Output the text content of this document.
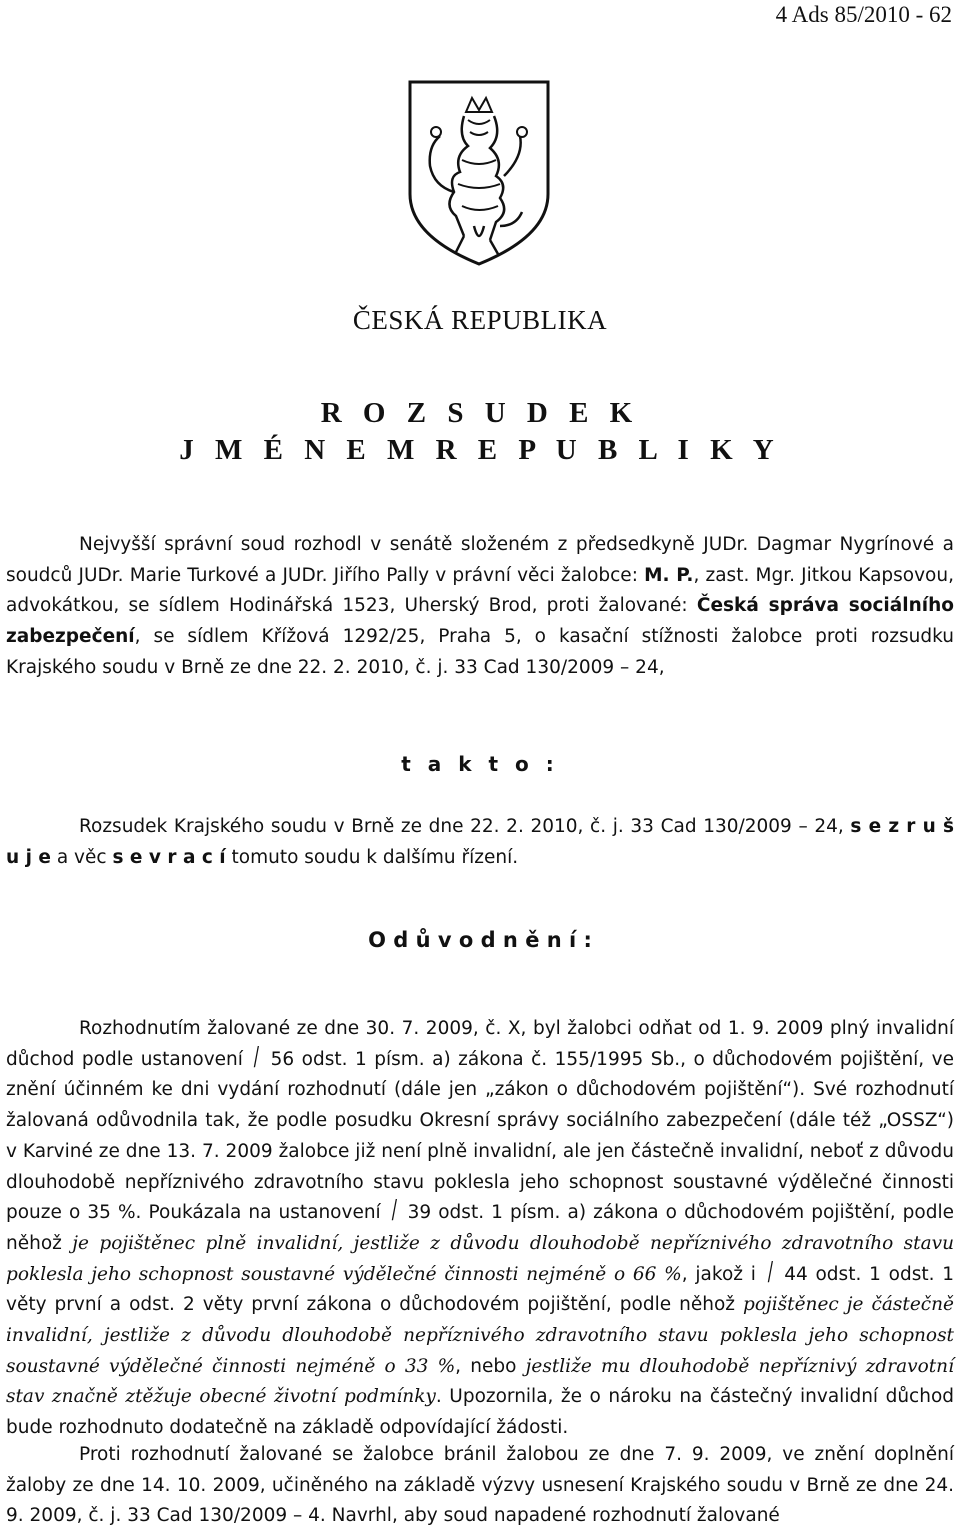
4 Ads 85/2010 - 62
ČESKÁ REPUBLIKA
R O Z S U D E K
J M É N E M R E P U B L I K Y
Nejvyšší správní soud rozhodl v senátě složeném z předsedkyně JUDr. Dagmar Nygrínové a soudců JUDr. Marie Turkové a JUDr. Jiřího Pally v právní věci žalobce: M. P., zast. Mgr. Jitkou Kapsovou, advokátkou, se sídlem Hodinářská 1523, Uherský Brod, proti žalované: Česká správa sociálního zabezpečení, se sídlem Křížová 1292/25, Praha 5, o kasační stížnosti žalobce proti rozsudku Krajského soudu v Brně ze dne 22. 2. 2010, č. j. 33 Cad 130/2009 – 24,
t a k t o :
Rozsudek Krajského soudu v Brně ze dne 22. 2. 2010, č. j. 33 Cad 130/2009 – 24, s e z r u š u j e a věc s e v r a c í tomuto soudu k dalšímu řízení.
O d ů v o d n ě n í :
Rozhodnutím žalované ze dne 30. 7. 2009, č. X, byl žalobci odňat od 1. 9. 2009 plný invalidní důchod podle ustanovení / 56 odst. 1 písm. a) zákona č. 155/1995 Sb., o důchodovém pojištění, ve znění účinném ke dni vydání rozhodnutí (dále jen „zákon o důchodovém pojištění“). Své rozhodnutí žalovaná odůvodnila tak, že podle posudku Okresní správy sociálního zabezpečení (dále též „OSSZ“) v Karviné ze dne 13. 7. 2009 žalobce již není plně invalidní, ale jen částečně invalidní, neboť z důvodu dlouhodobě nepříznivého zdravotního stavu poklesla jeho schopnost soustavné výdělečné činnosti pouze o 35 %. Poukázala na ustanovení / 39 odst. 1 písm. a) zákona o důchodovém pojištění, podle něhož je pojištěnec plně invalidní, jestliže z důvodu dlouhodobě nepříznivého zdravotního stavu poklesla jeho schopnost soustavné výdělečné činnosti nejméně o 66 %, jakož i / 44 odst. 1 odst. 1 věty první a odst. 2 věty první zákona o důchodovém pojištění, podle něhož pojištěnec je částečně invalidní, jestliže z důvodu dlouhodobě nepříznivého zdravotního stavu poklesla jeho schopnost soustavné výdělečné činnosti nejméně o 33 %, nebo jestliže mu dlouhodobě nepříznivý zdravotní stav značně ztěžuje obecné životní podmínky. Upozornila, že o nároku na částečný invalidní důchod bude rozhodnuto dodatečně na základě odpovídající žádosti.
Proti rozhodnutí žalované se žalobce bránil žalobou ze dne 7. 9. 2009, ve znění doplnění žaloby ze dne 14. 10. 2009, učiněného na základě výzvy usnesení Krajského soudu v Brně ze dne 24. 9. 2009, č. j. 33 Cad 130/2009 – 4. Navrhl, aby soud napadené rozhodnutí žalované
